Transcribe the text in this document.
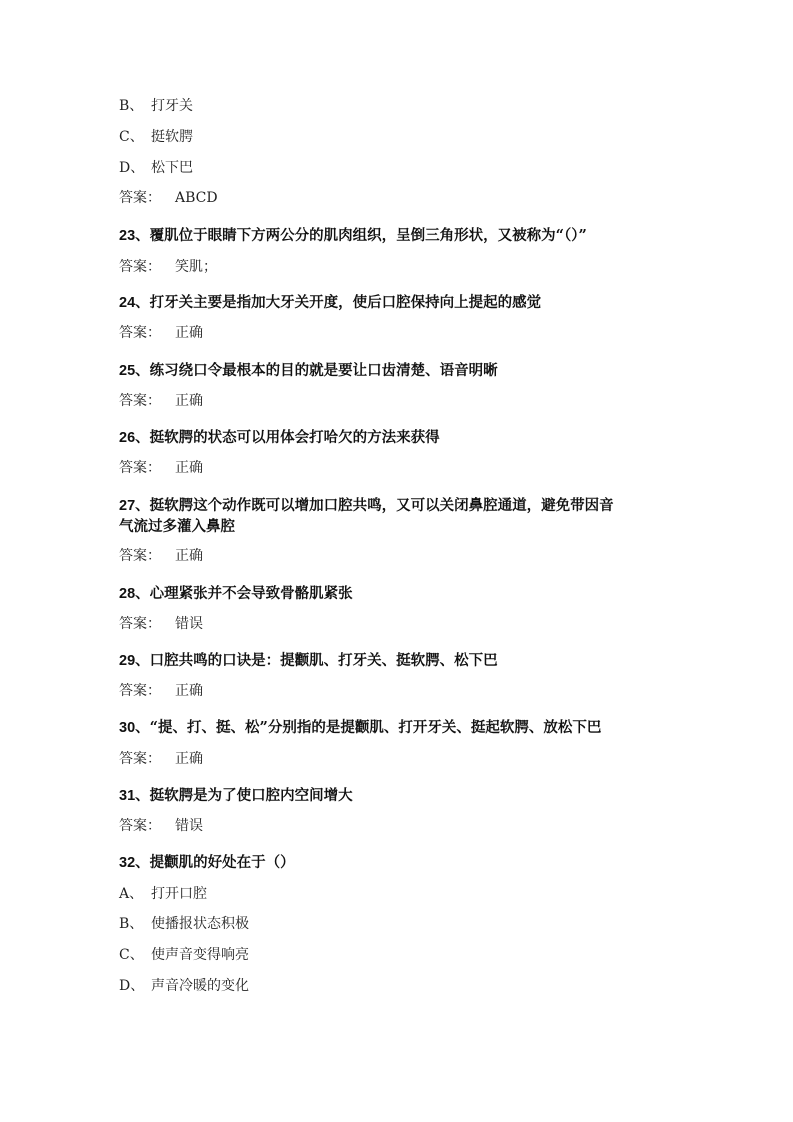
B、 打牙关
C、 挺软腭
D、 松下巴
答案： ABCD
23、覆肌位于眼睛下方两公分的肌肉组织，呈倒三角形状，又被称为“（）”
答案： 笑肌；
24、打牙关主要是指加大牙关开度，使后口腔保持向上提起的感觉
答案： 正确
25、练习绕口令最根本的目的就是要让口齿清楚、语音明晰
答案： 正确
26、挺软腭的状态可以用体会打哈欠的方法来获得
答案： 正确
27、挺软腭这个动作既可以增加口腔共鸣，又可以关闭鼻腔通道，避免带因音
气流过多灌入鼻腔
答案： 正确
28、心理紧张并不会导致骨骼肌紧张
答案： 错误
29、口腔共鸣的口诀是：提颧肌、打牙关、挺软腭、松下巴
答案： 正确
30、“提、打、挺、松”分别指的是提颧肌、打开牙关、挺起软腭、放松下巴
答案： 正确
31、挺软腭是为了使口腔内空间增大
答案： 错误
32、提颧肌的好处在于（）
A、 打开口腔
B、 使播报状态积极
C、 使声音变得响亮
D、 声音冷暖的变化
